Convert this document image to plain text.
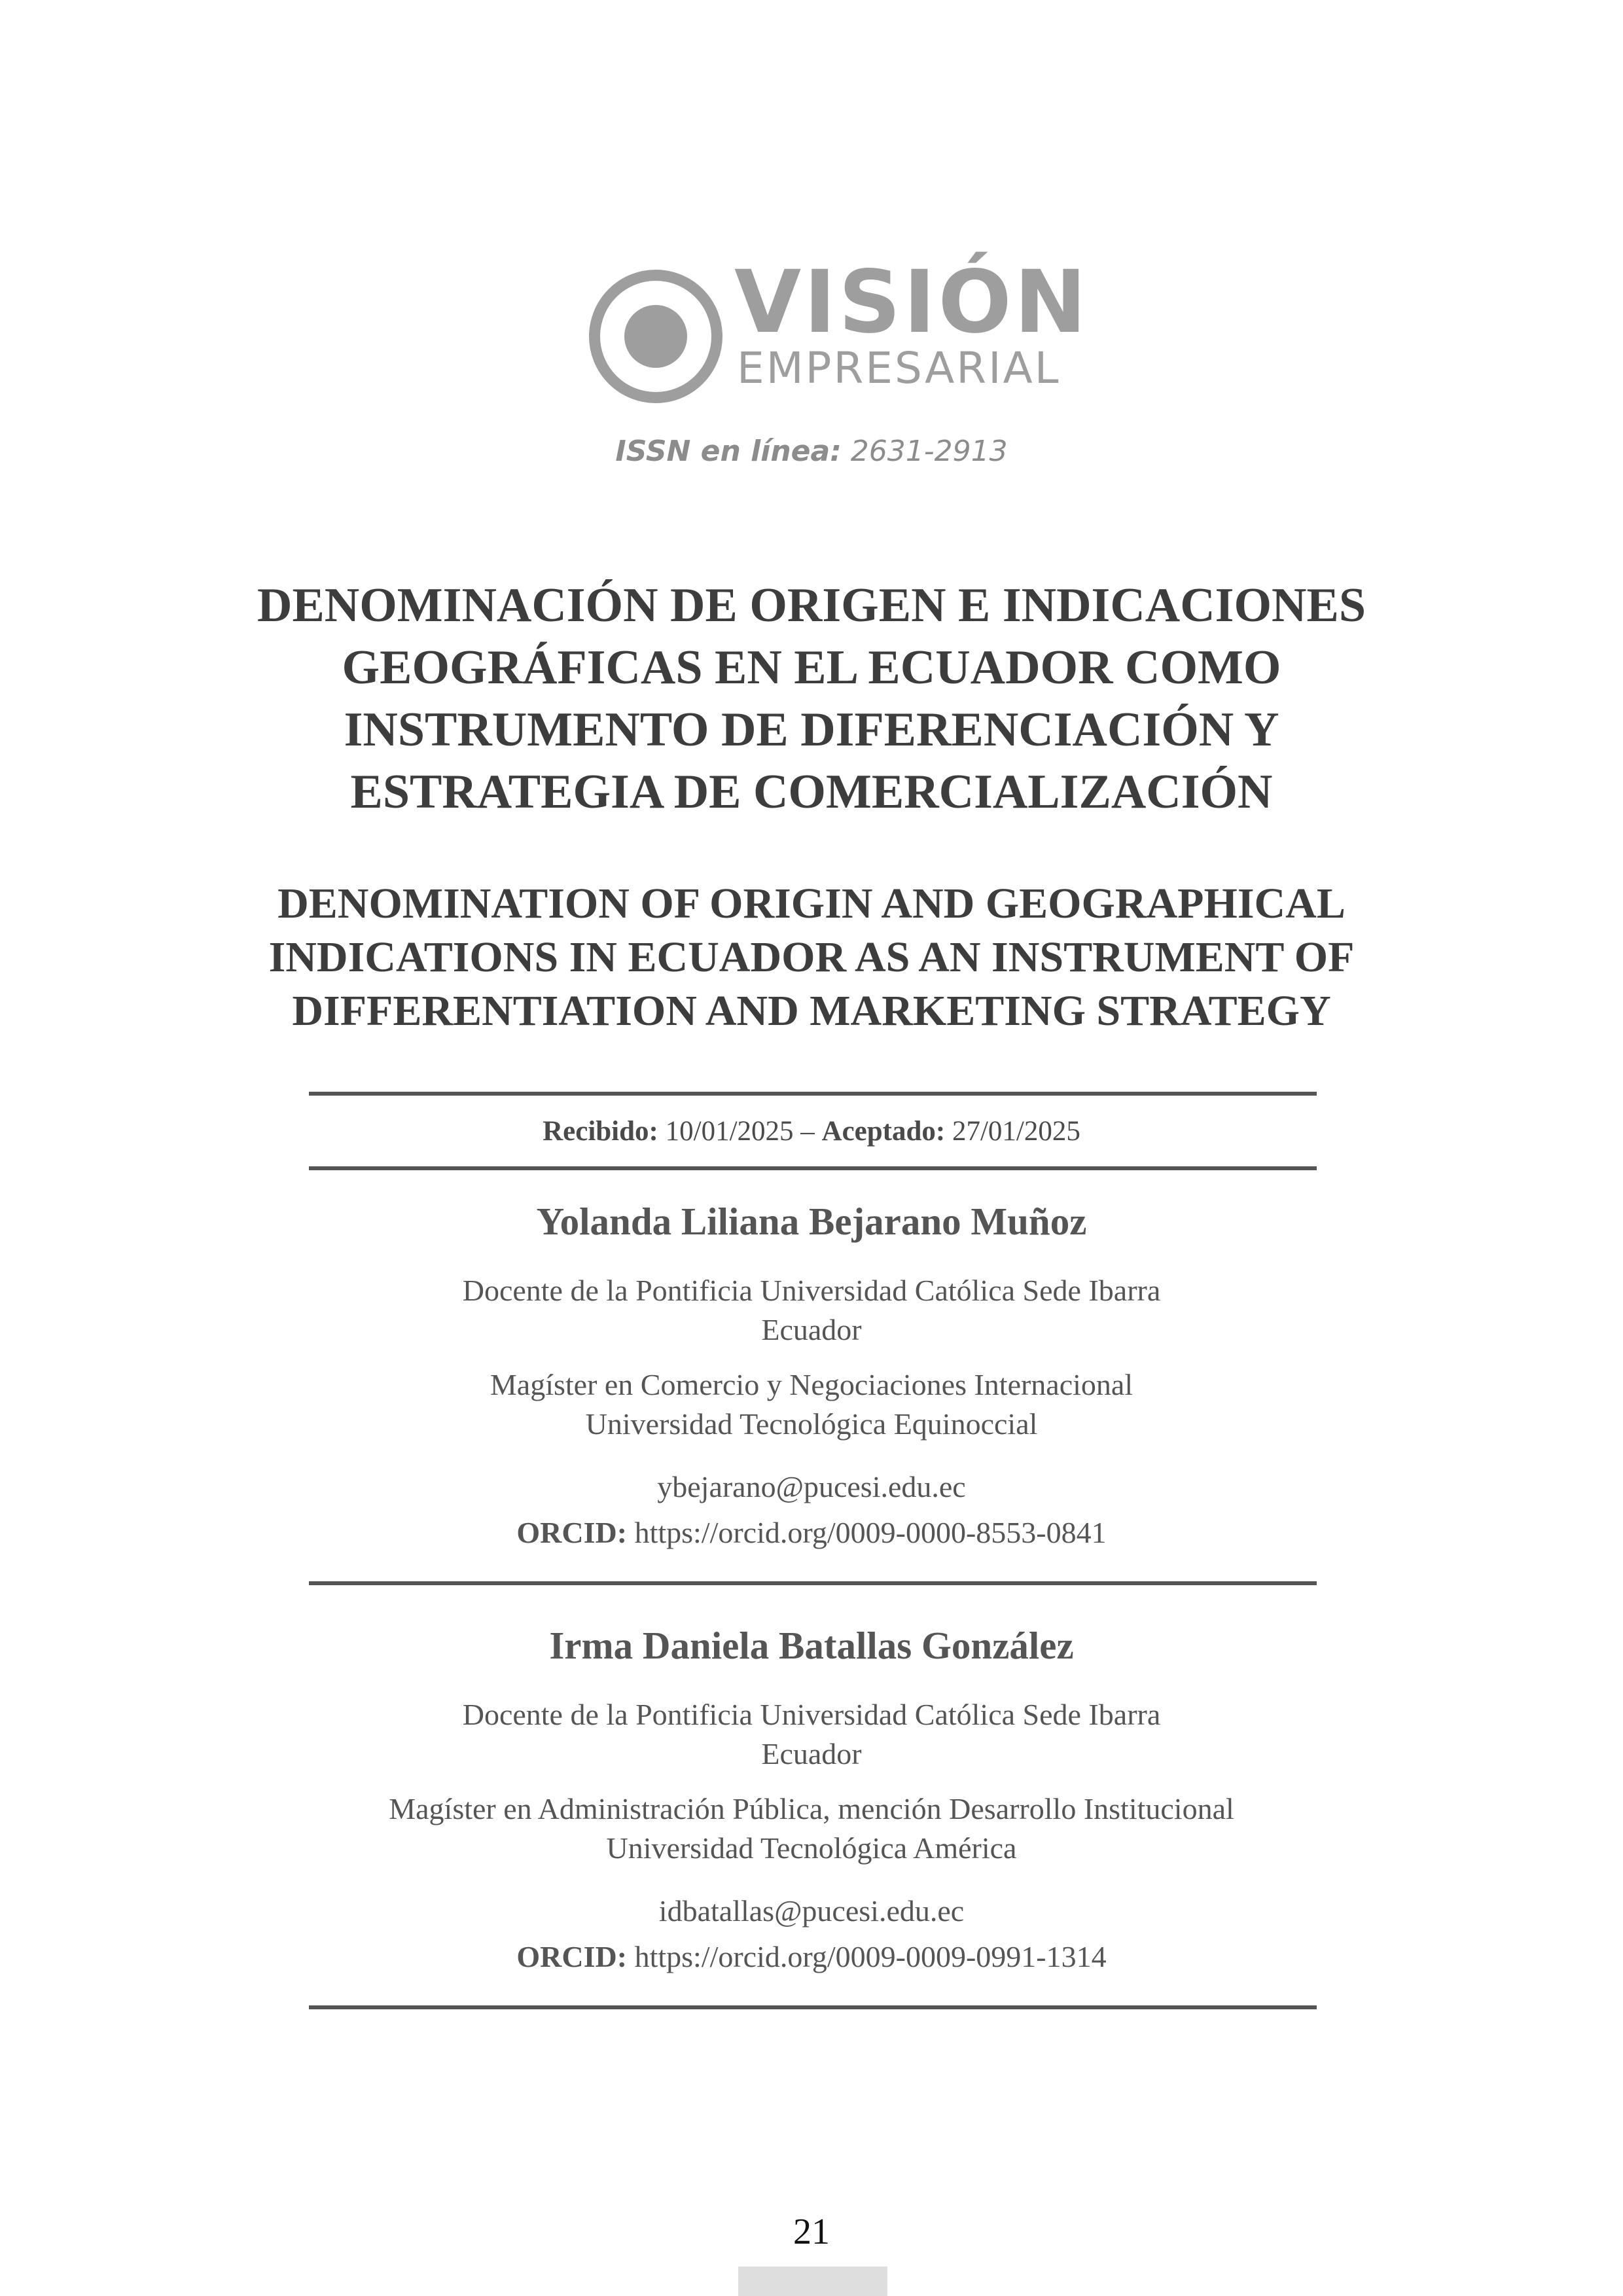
VISIÓN
EMPRESARIAL
ISSN en línea: 2631-2913
DENOMINACIÓN DE ORIGEN E INDICACIONES
GEOGRÁFICAS EN EL ECUADOR COMO
INSTRUMENTO DE DIFERENCIACIÓN Y
ESTRATEGIA DE COMERCIALIZACIÓN
DENOMINATION OF ORIGIN AND GEOGRAPHICAL
INDICATIONS IN ECUADOR AS AN INSTRUMENT OF
DIFFERENTIATION AND MARKETING STRATEGY
Recibido: 10/01/2025 – Aceptado: 27/01/2025
Yolanda Liliana Bejarano Muñoz
Docente de la Pontificia Universidad Católica Sede Ibarra
Ecuador
Magíster en Comercio y Negociaciones Internacional
Universidad Tecnológica Equinoccial
ybejarano@pucesi.edu.ec
ORCID: https://orcid.org/0009-0000-8553-0841
Irma Daniela Batallas González
Docente de la Pontificia Universidad Católica Sede Ibarra
Ecuador
Magíster en Administración Pública, mención Desarrollo Institucional
Universidad Tecnológica América
idbatallas@pucesi.edu.ec
ORCID: https://orcid.org/0009-0009-0991-1314
21
